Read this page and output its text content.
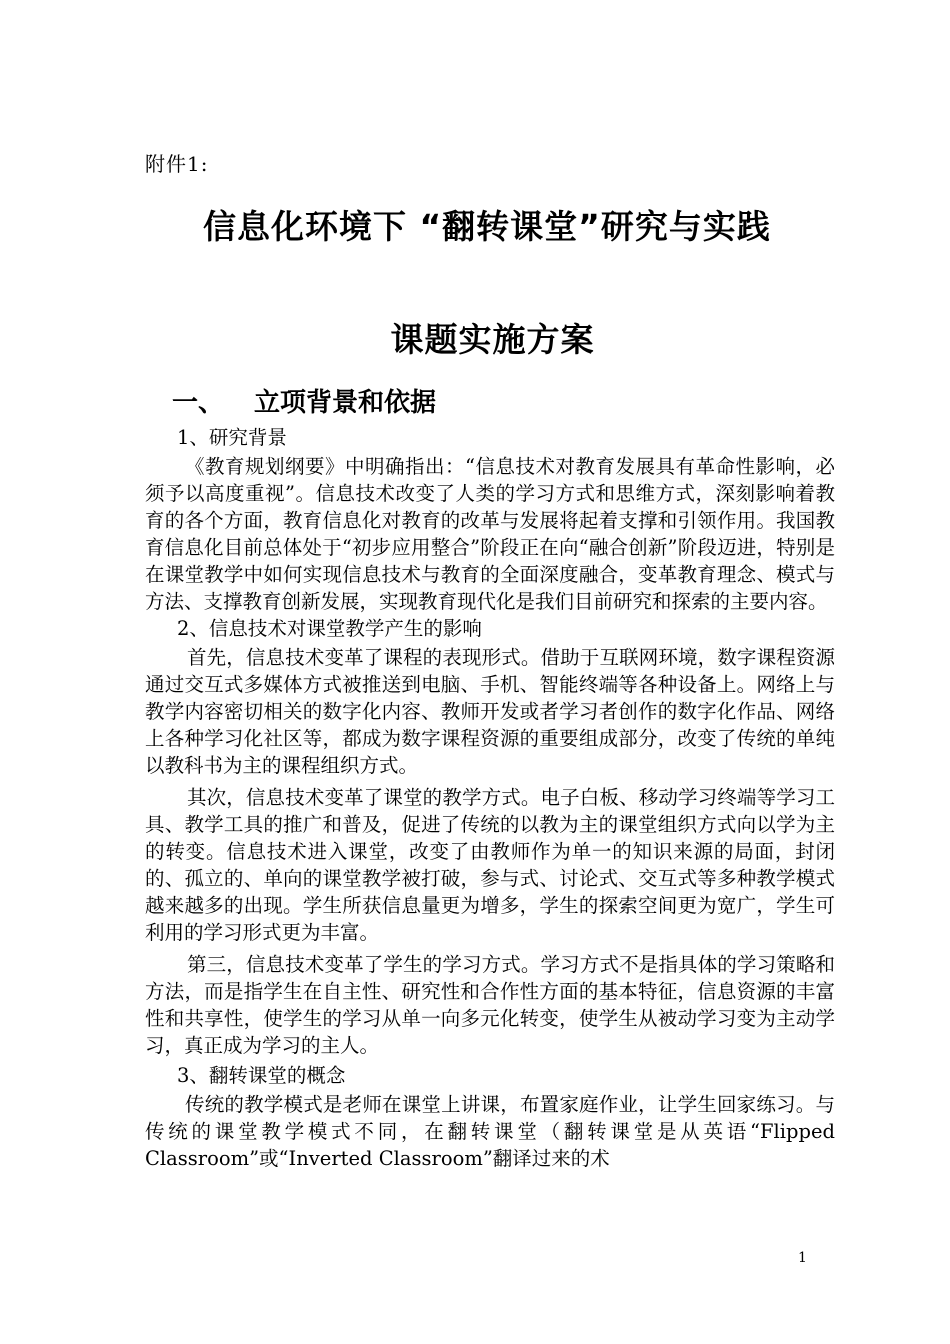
附件1:
信息化环境下 “翻转课堂”研究与实践
课题实施方案
一、 立项背景和依据

1、研究背景

《教育规划纲要》中明确指出：“信息技术对教育发展具有革命性影响，必须予以高度重视”。信息技术改变了人类的学习方式和思维方式，深刻影响着教育的各个方面，教育信息化对教育的改革与发展将起着支撑和引领作用。我国教育信息化目前总体处于“初步应用整合”阶段正在向“融合创新”阶段迈进，特别是在课堂教学中如何实现信息技术与教育的全面深度融合，变革教育理念、模式与方法、支撑教育创新发展，实现教育现代化是我们目前研究和探索的主要内容。

2、信息技术对课堂教学产生的影响

首先，信息技术变革了课程的表现形式。借助于互联网环境，数字课程资源通过交互式多媒体方式被推送到电脑、手机、智能终端等各种设备上。网络上与教学内容密切相关的数字化内容、教师开发或者学习者创作的数字化作品、网络上各种学习化社区等，都成为数字课程资源的重要组成部分，改变了传统的单纯以教科书为主的课程组织方式。

其次，信息技术变革了课堂的教学方式。电子白板、移动学习终端等学习工具、教学工具的推广和普及，促进了传统的以教为主的课堂组织方式向以学为主的转变。信息技术进入课堂，改变了由教师作为单一的知识来源的局面，封闭的、孤立的、单向的课堂教学被打破，参与式、讨论式、交互式等多种教学模式越来越多的出现。学生所获信息量更为增多，学生的探索空间更为宽广，学生可利用的学习形式更为丰富。

第三，信息技术变革了学生的学习方式。学习方式不是指具体的学习策略和方法，而是指学生在自主性、研究性和合作性方面的基本特征，信息资源的丰富性和共享性，使学生的学习从单一向多元化转变，使学生从被动学习变为主动学习，真正成为学习的主人。

3、翻转课堂的概念

传统的教学模式是老师在课堂上讲课，布置家庭作业，让学生回家练习。与传统的课堂教学模式不同，在翻转课堂（翻转课堂是从英语“Flipped Classroom”或“Inverted Classroom”翻译过来的术

1
